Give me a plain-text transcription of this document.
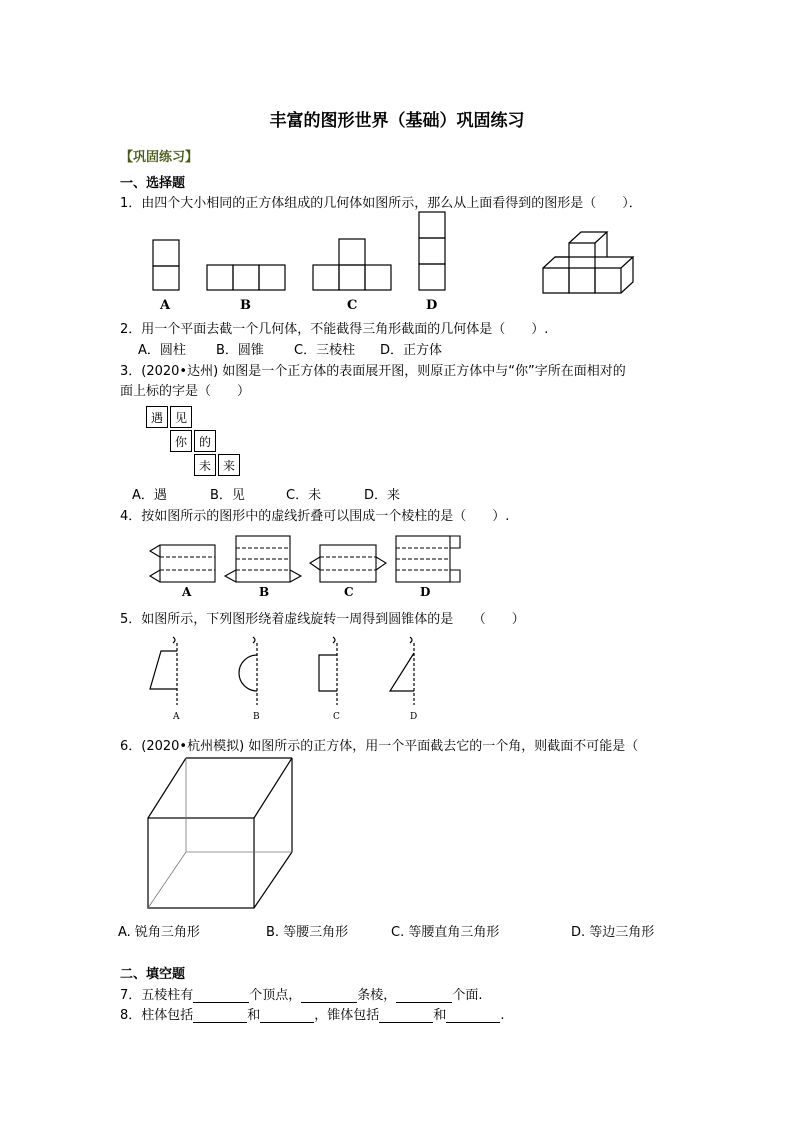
丰富的图形世界（基础）巩固练习
【巩固练习】
一、选择题
1．由四个大小相同的正方体组成的几何体如图所示，那么从上面看得到的图形是（　　）．
A	B	C	D
2．用一个平面去截一个几何体，不能截得三角形截面的几何体是（　　）.
A．圆柱 B．圆锥 C．三棱柱 D．正方体
3．(2020•达州) 如图是一个正方体的表面展开图，则原正方体中与“你”字所在面相对的
面上标的字是（　　）
遇 见
你 的
未 来
A．遇	B．见	C．未	D．来
4．按如图所示的图形中的虚线折叠可以围成一个棱柱的是（　　）.
A	B	C	D
5．如图所示，下列图形绕着虚线旋转一周得到圆锥体的是　　（　　）
A	B	C	D
6．(2020•杭州模拟) 如图所示的正方体，用一个平面截去它的一个角，则截面不可能是（
A. 锐角三角形	B. 等腰三角形	C. 等腰直角三角形	D. 等边三角形
二、填空题
7．五棱柱有	个顶点，	条棱，	个面.
8．柱体包括	和	，锥体包括	和	.
